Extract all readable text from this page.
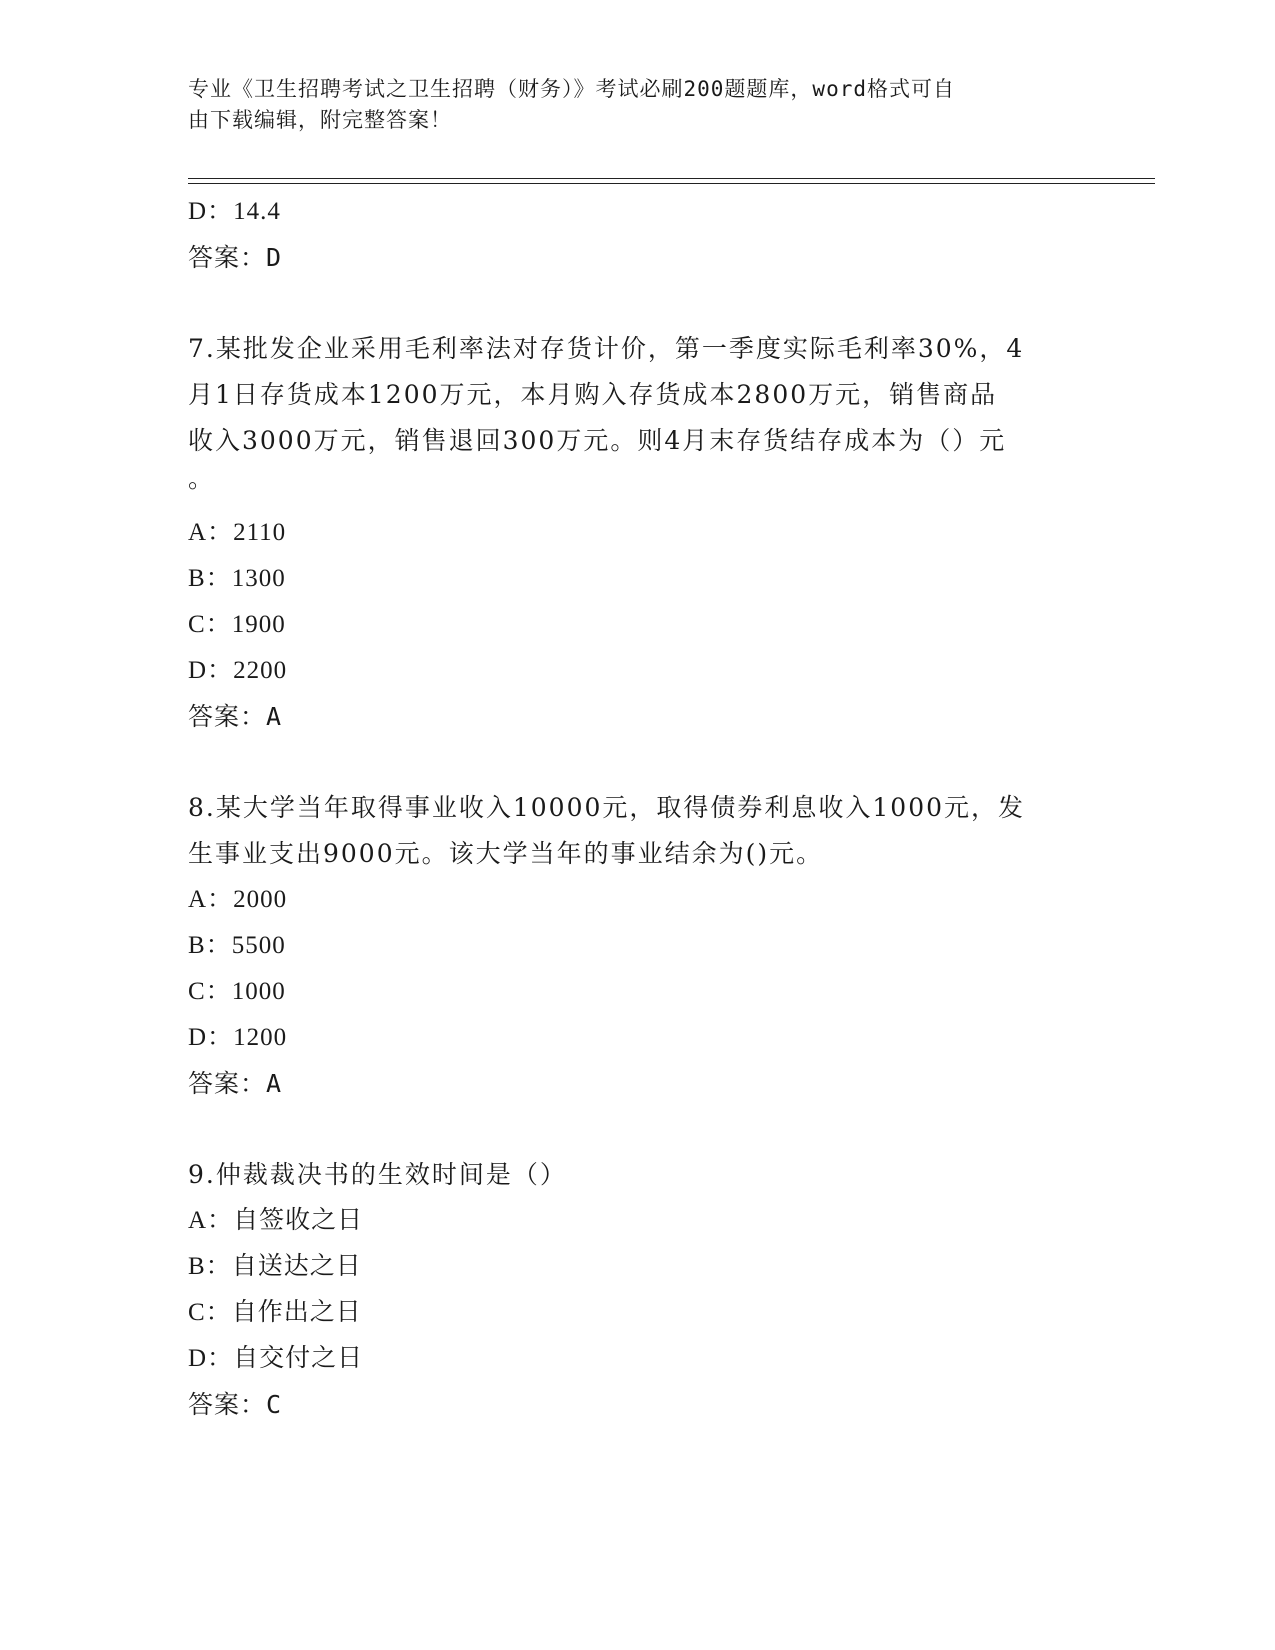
专业《卫生招聘考试之卫生招聘（财务）》考试必刷200题题库，word格式可自
由下载编辑，附完整答案！
D：14.4
答案：D
7.某批发企业采用毛利率法对存货计价，第一季度实际毛利率30%，4
月1日存货成本1200万元，本月购入存货成本2800万元，销售商品
收入3000万元，销售退回300万元。则4月末存货结存成本为（）元
。
A：2110
B：1300
C：1900
D：2200
答案：A
8.某大学当年取得事业收入10000元，取得债券利息收入1000元，发
生事业支出9000元。该大学当年的事业结余为()元。
A：2000
B：5500
C：1000
D：1200
答案：A
9.仲裁裁决书的生效时间是（）
A：自签收之日
B：自送达之日
C：自作出之日
D：自交付之日
答案：C
